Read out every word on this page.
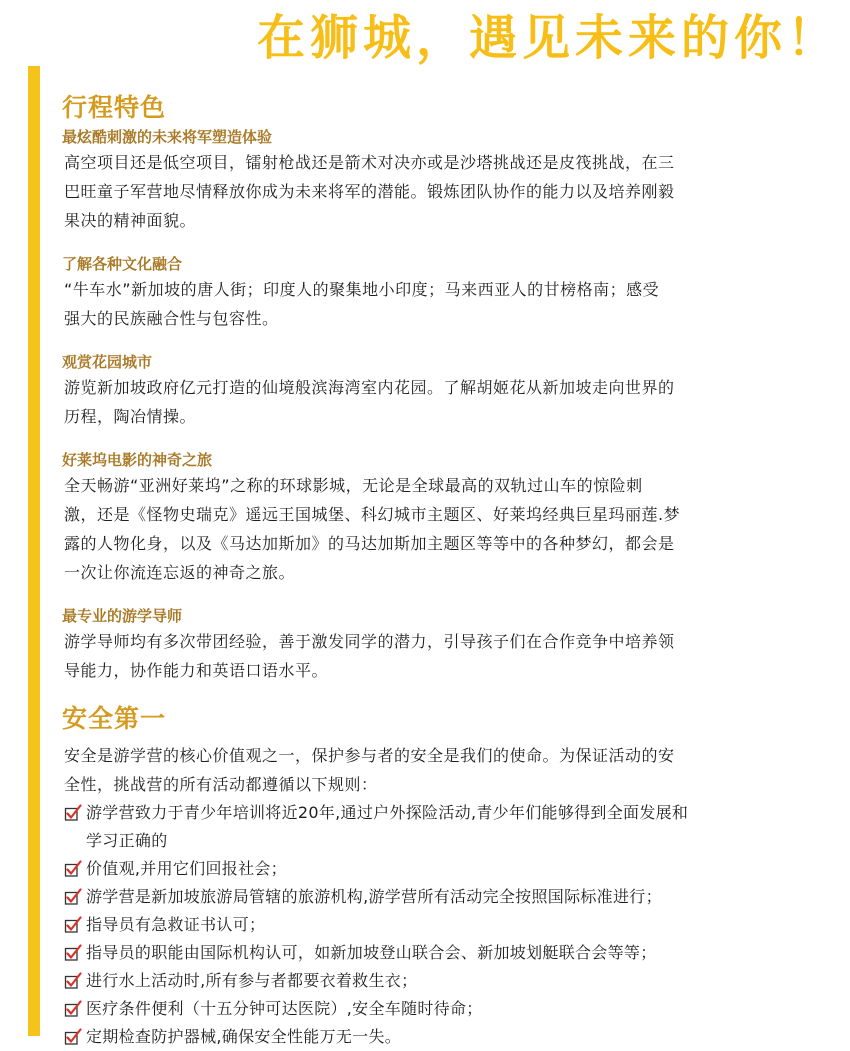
在狮城，遇见未来的你！
行程特色
最炫酷刺激的未来将军塑造体验
高空项目还是低空项目，镭射枪战还是箭术对决亦或是沙塔挑战还是皮筏挑战，在三
巴旺童子军营地尽情释放你成为未来将军的潜能。锻炼团队协作的能力以及培养刚毅
果决的精神面貌。
了解各种文化融合
“牛车水”新加坡的唐人街；印度人的聚集地小印度；马来西亚人的甘榜格南；感受
强大的民族融合性与包容性。
观赏花园城市
游览新加坡政府亿元打造的仙境般滨海湾室内花园。了解胡姬花从新加坡走向世界的
历程，陶冶情操。
好莱坞电影的神奇之旅
全天畅游“亚洲好莱坞”之称的环球影城，无论是全球最高的双轨过山车的惊险刺
激，还是《怪物史瑞克》遥远王国城堡、科幻城市主题区、好莱坞经典巨星玛丽莲.梦
露的人物化身，以及《马达加斯加》的马达加斯加主题区等等中的各种梦幻，都会是
一次让你流连忘返的神奇之旅。
最专业的游学导师
游学导师均有多次带团经验，善于激发同学的潜力，引导孩子们在合作竞争中培养领
导能力，协作能力和英语口语水平。
安全第一
安全是游学营的核心价值观之一，保护参与者的安全是我们的使命。为保证活动的安
全性，挑战营的所有活动都遵循以下规则：
游学营致力于青少年培训将近20年,通过户外探险活动,青少年们能够得到全面发展和
学习正确的
价值观,并用它们回报社会；
游学营是新加坡旅游局管辖的旅游机构,游学营所有活动完全按照国际标准进行；
指导员有急救证书认可；
指导员的职能由国际机构认可，如新加坡登山联合会、新加坡划艇联合会等等；
进行水上活动时,所有参与者都要衣着救生衣；
医疗条件便利（十五分钟可达医院）,安全车随时待命；
定期检查防护器械,确保安全性能万无一失。
